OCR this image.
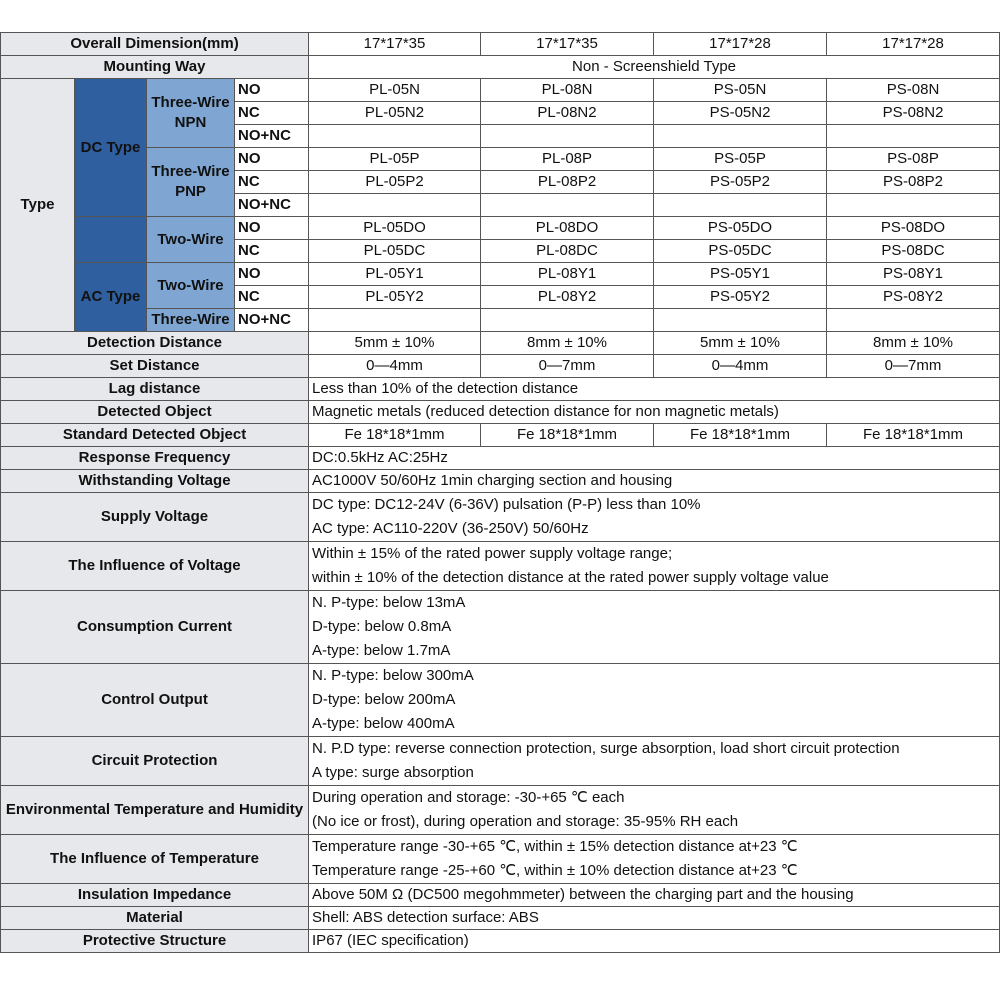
Overall Dimension(mm)				17*17*35	17*17*35	17*17*28	17*17*28
Mounting Way				Non - Screenshield Type			
Type	DC Type	Three-Wire NPN	NO	PL-05N	PL-08N	PS-05N	PS-08N
			NC	PL-05N2	PL-08N2	PS-05N2	PS-08N2
			NO+NC				
		Three-Wire PNP	NO	PL-05P	PL-08P	PS-05P	PS-08P
			NC	PL-05P2	PL-08P2	PS-05P2	PS-08P2
			NO+NC				
		Two-Wire	NO	PL-05DO	PL-08DO	PS-05DO	PS-08DO
			NC	PL-05DC	PL-08DC	PS-05DC	PS-08DC
	AC Type	Two-Wire	NO	PL-05Y1	PL-08Y1	PS-05Y1	PS-08Y1
			NC	PL-05Y2	PL-08Y2	PS-05Y2	PS-08Y2
		Three-Wire	NO+NC				
Detection Distance				5mm ± 10%	8mm ± 10%	5mm ± 10%	8mm ± 10%
Set Distance				0—4mm	0—7mm	0—4mm	0—7mm
Lag distance				Less than 10% of the detection distance			
Detected Object				Magnetic metals (reduced detection distance for non magnetic metals)			
Standard Detected Object				Fe 18*18*1mm	Fe 18*18*1mm	Fe 18*18*1mm	Fe 18*18*1mm
Response Frequency				DC:0.5kHz AC:25Hz			
Withstanding Voltage				AC1000V 50/60Hz 1min charging section and housing			
Supply Voltage				DC type: DC12-24V (6-36V) pulsation (P-P) less than 10%
AC type: AC110-220V (36-250V) 50/60Hz			

The Influence of Voltage				Within ± 15% of the rated power supply voltage range;
within ± 10% of the detection distance at the rated power supply voltage value			

Consumption Current				N. P-type: below 13mA
D-type: below 0.8mA
A-type: below 1.7mA			

Control Output				N. P-type: below 300mA
D-type: below 200mA
A-type: below 400mA			

Circuit Protection				N. P.D type: reverse connection protection, surge absorption, load short circuit protection
A type: surge absorption			

Environmental Temperature and Humidity				During operation and storage: -30-+65 ℃ each
(No ice or frost), during operation and storage: 35-95% RH each			

The Influence of Temperature				Temperature range -30-+65 ℃, within ± 15% detection distance at+23 ℃
Temperature range -25-+60 ℃, within ± 10% detection distance at+23 ℃			

Insulation Impedance				Above 50M Ω (DC500 megohmmeter) between the charging part and the housing			
Material				Shell: ABS detection surface: ABS			
Protective Structure				IP67 (IEC specification)			
